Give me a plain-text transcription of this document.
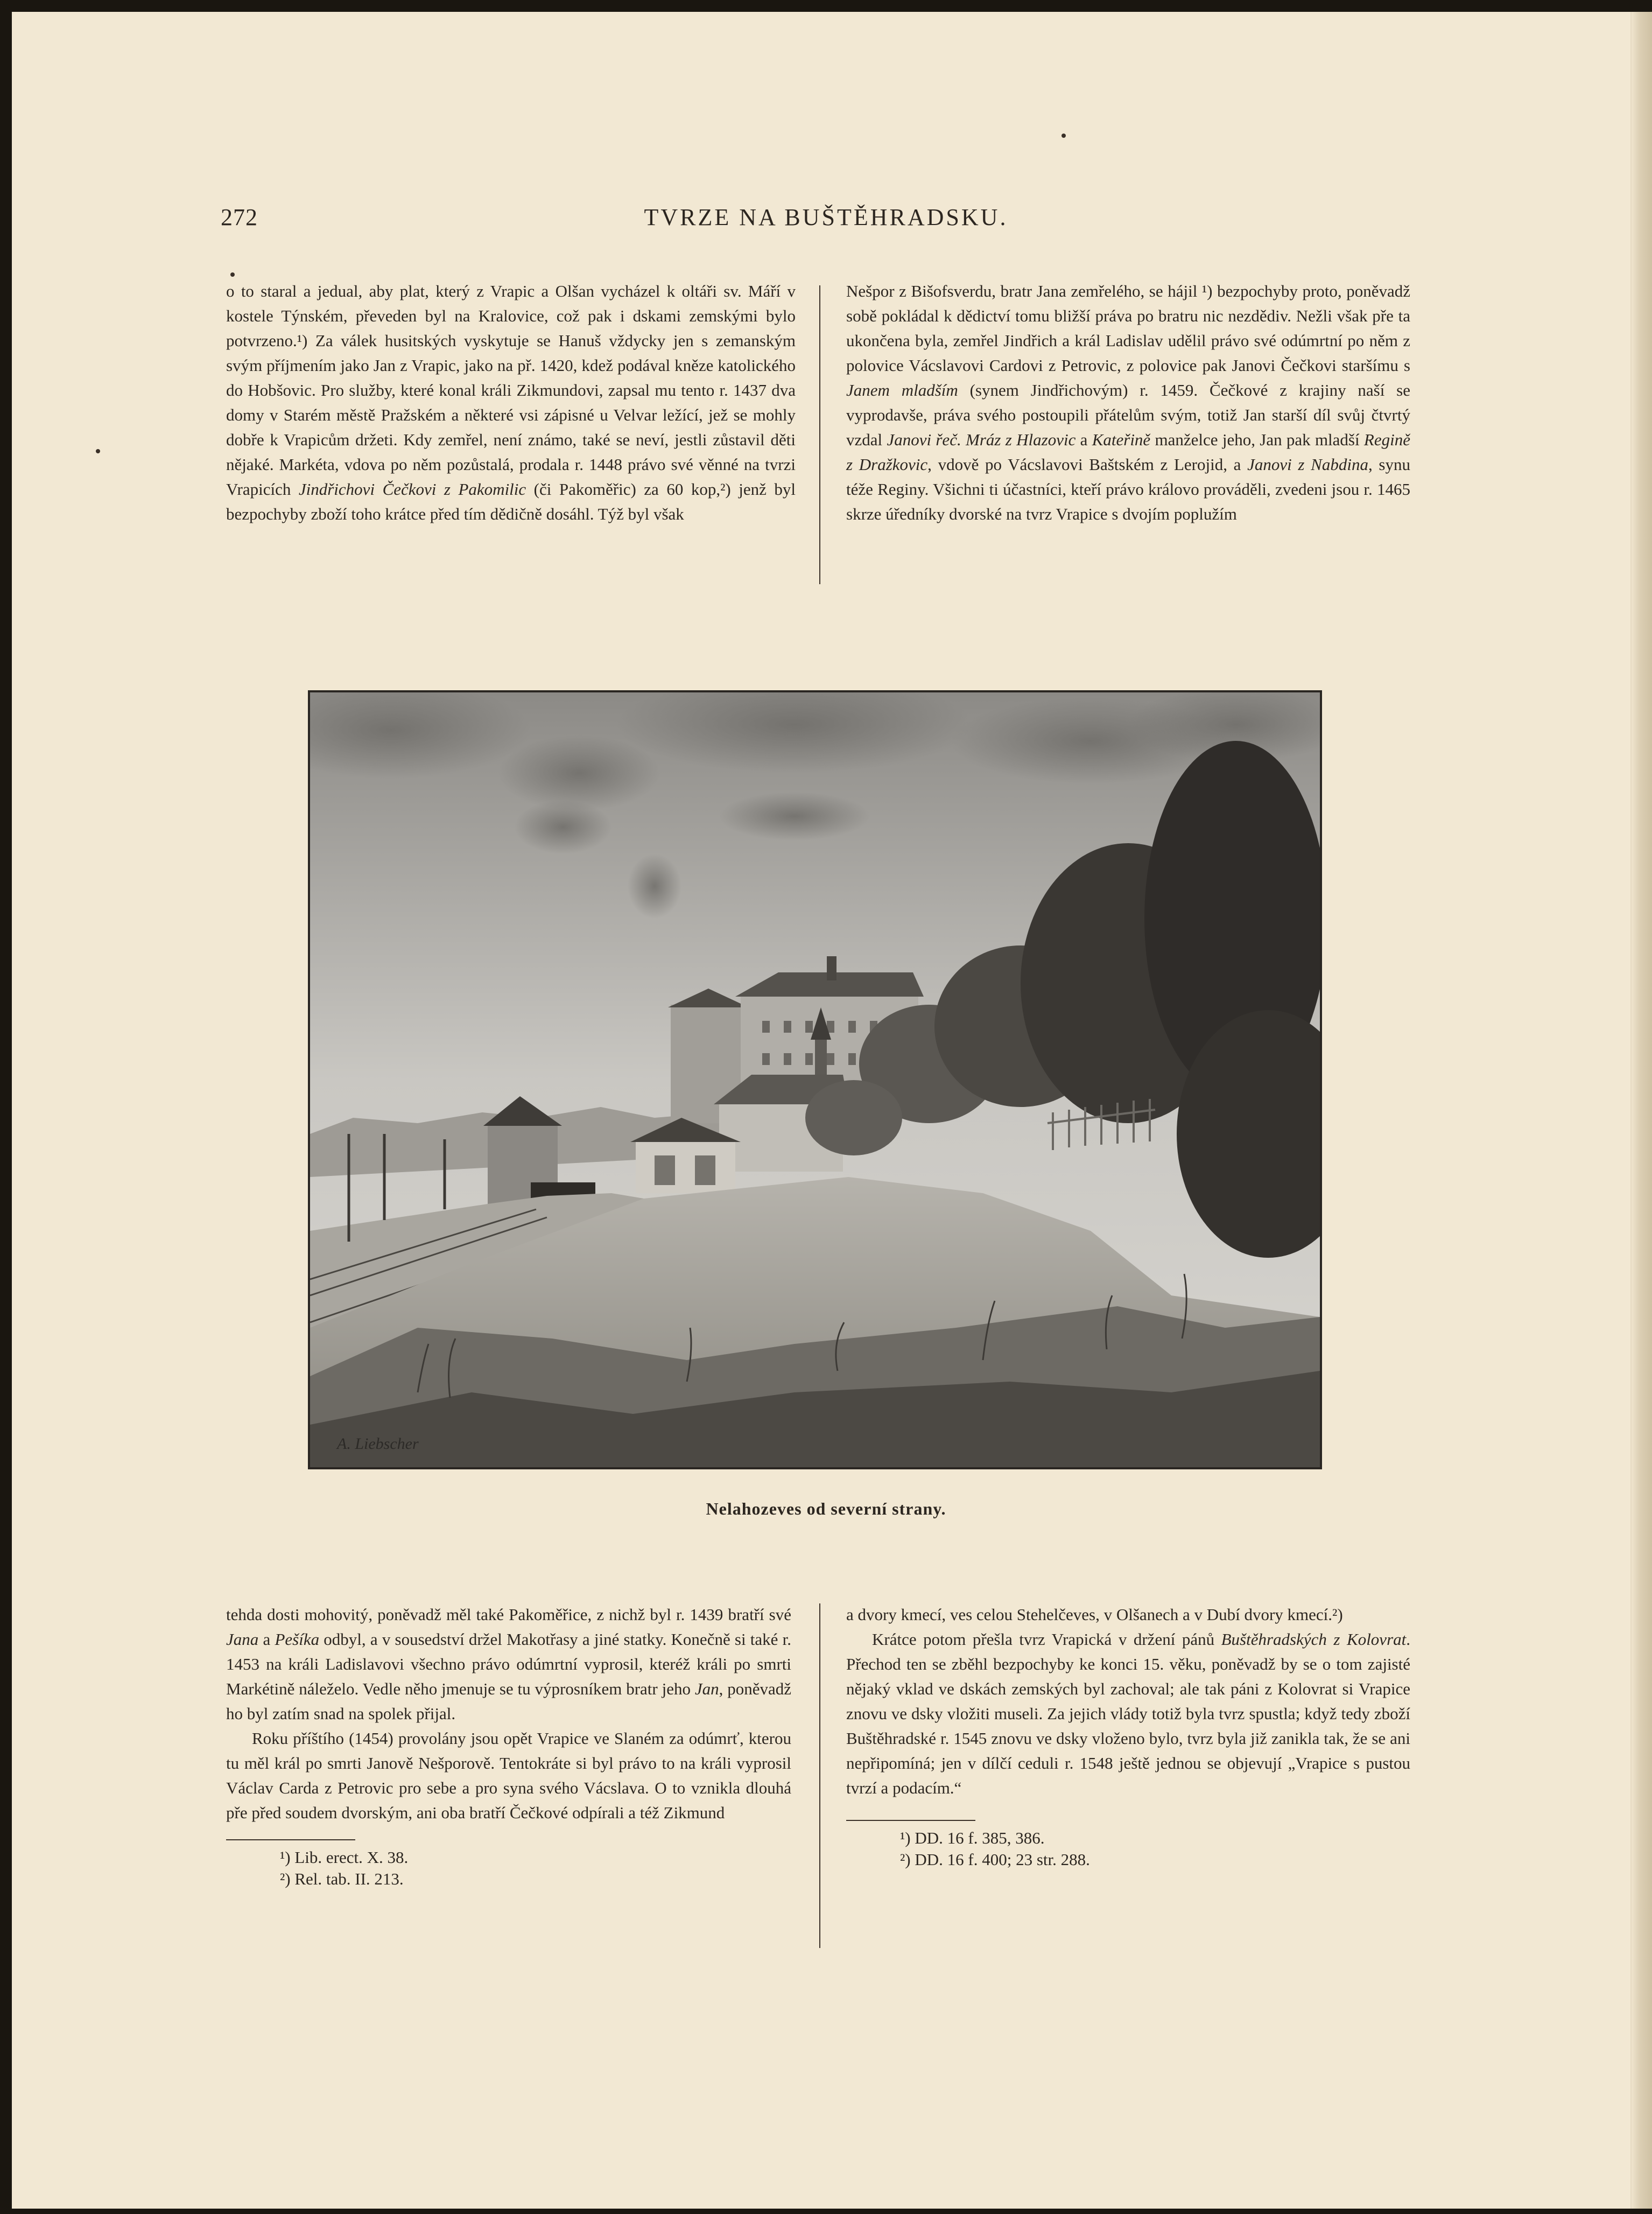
272	TVRZE NA BUŠTĚHRADSKU.

o to staral a jedual, aby plat, který z Vrapic a Olšan vycházel k oltáři sv. Máří v kostele Týnském, převeden byl na Kralovice, což pak i dskami zemskými bylo potvrzeno.¹) Za válek husitských vyskytuje se Hanuš vždycky jen s zemanským svým příjmením jako Jan z Vrapic, jako na př. 1420, kdež podával kněze katolického do Hobšovic. Pro služby, které konal králi Zikmundovi, zapsal mu tento r. 1437 dva domy v Starém městě Pražském a některé vsi zápisné u Velvar ležící, jež se mohly dobře k Vrapicům držeti. Kdy zemřel, není známo, také se neví, jestli zůstavil děti nějaké. Markéta, vdova po něm pozůstalá, prodala r. 1448 právo své věnné na tvrzi Vrapicích Jindřichovi Čečkovi z Pakomilic (či Pakoměřic) za 60 kop,²) jenž byl bezpochyby zboží toho krátce před tím dědičně dosáhl. Týž byl však

Nešpor z Bišofsverdu, bratr Jana zemřelého, se hájil ¹) bezpochyby proto, poněvadž sobě pokládal k dědictví tomu bližší práva po bratru nic nezdědiv. Nežli však pře ta ukončena byla, zemřel Jindřich a král Ladislav udělil právo své odúmrtní po něm z polovice Vácslavovi Cardovi z Petrovic, z polovice pak Janovi Čečkovi staršímu s Janem mladším (synem Jindřichovým) r. 1459. Čečkové z krajiny naší se vyprodavše, práva svého postoupili přátelům svým, totiž Jan starší díl svůj čtvrtý vzdal Janovi řeč. Mráz z Hlazovic a Kateřině manželce jeho, Jan pak mladší Regině z Dražkovic, vdově po Vácslavovi Baštském z Lerojid, a Janovi z Nabdina, synu téže Reginy. Všichni ti účastníci, kteří právo královo prováděli, zvedeni jsou r. 1465 skrze úředníky dvorské na tvrz Vrapice s dvojím poplužím

A. Liebscher
Nelahozeves od severní strany.

tehda dosti mohovitý, poněvadž měl také Pakoměřice, z nichž byl r. 1439 bratří své Jana a Pešíka odbyl, a v sousedství držel Makotřasy a jiné statky. Konečně si také r. 1453 na králi Ladislavovi všechno právo odúmrtní vyprosil, kteréž králi po smrti Markétině náleželo. Vedle něho jmenuje se tu výprosníkem bratr jeho Jan, poněvadž ho byl zatím snad na spolek přijal.

Roku příštího (1454) provolány jsou opět Vrapice ve Slaném za odúmrť, kterou tu měl král po smrti Janově Nešporově. Tentokráte si byl právo to na králi vyprosil Václav Carda z Petrovic pro sebe a pro syna svého Vácslava. O to vznikla dlouhá pře před soudem dvorským, ani oba bratří Čečkové odpírali a též Zikmund

¹) Lib. erect. X. 38.
²) Rel. tab. II. 213.

a dvory kmecí, ves celou Stehelčeves, v Olšanech a v Dubí dvory kmecí.²)

Krátce potom přešla tvrz Vrapická v držení pánů Buštěhradských z Kolovrat. Přechod ten se zběhl bezpochyby ke konci 15. věku, poněvadž by se o tom zajisté nějaký vklad ve dskách zemských byl zachoval; ale tak páni z Kolovrat si Vrapice znovu ve dsky vložiti museli. Za jejich vlády totiž byla tvrz spustla; když tedy zboží Buštěhradské r. 1545 znovu ve dsky vloženo bylo, tvrz byla již zanikla tak, že se ani nepřipomíná; jen v dílčí ceduli r. 1548 ještě jednou se objevují „Vrapice s pustou tvrzí a podacím.“

¹) DD. 16 f. 385, 386.
²) DD. 16 f. 400; 23 str. 288.
